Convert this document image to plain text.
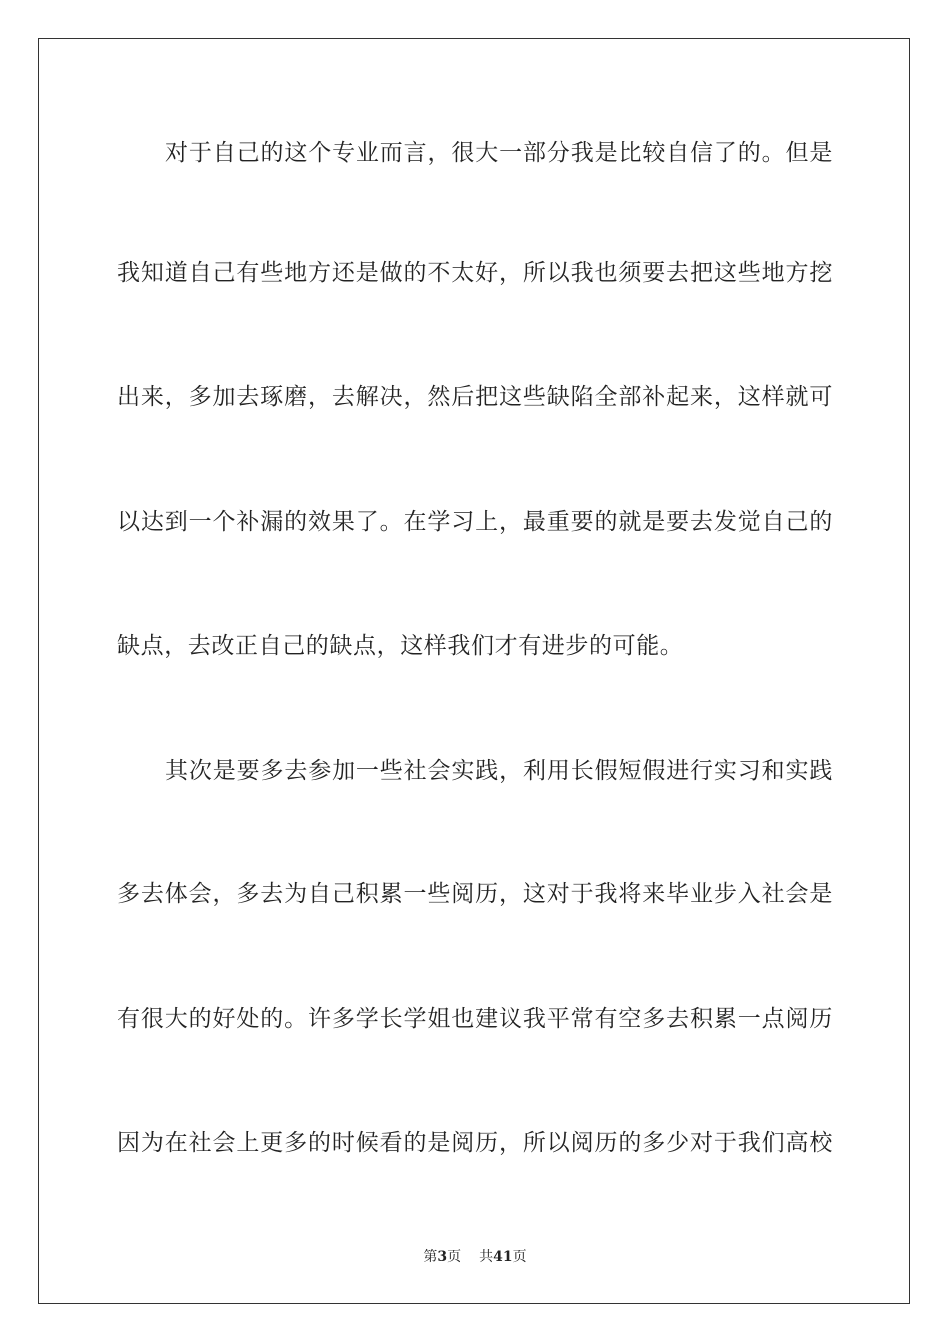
对于自己的这个专业而言，很大一部分我是比较自信了的。但是
我知道自己有些地方还是做的不太好，所以我也须要去把这些地方挖
出来，多加去琢磨，去解决，然后把这些缺陷全部补起来，这样就可
以达到一个补漏的效果了。在学习上，最重要的就是要去发觉自己的
缺点，去改正自己的缺点，这样我们才有进步的可能。
其次是要多去参加一些社会实践，利用长假短假进行实习和实践
多去体会，多去为自己积累一些阅历，这对于我将来毕业步入社会是
有很大的好处的。许多学长学姐也建议我平常有空多去积累一点阅历
因为在社会上更多的时候看的是阅历，所以阅历的多少对于我们高校
第3页 共41页
